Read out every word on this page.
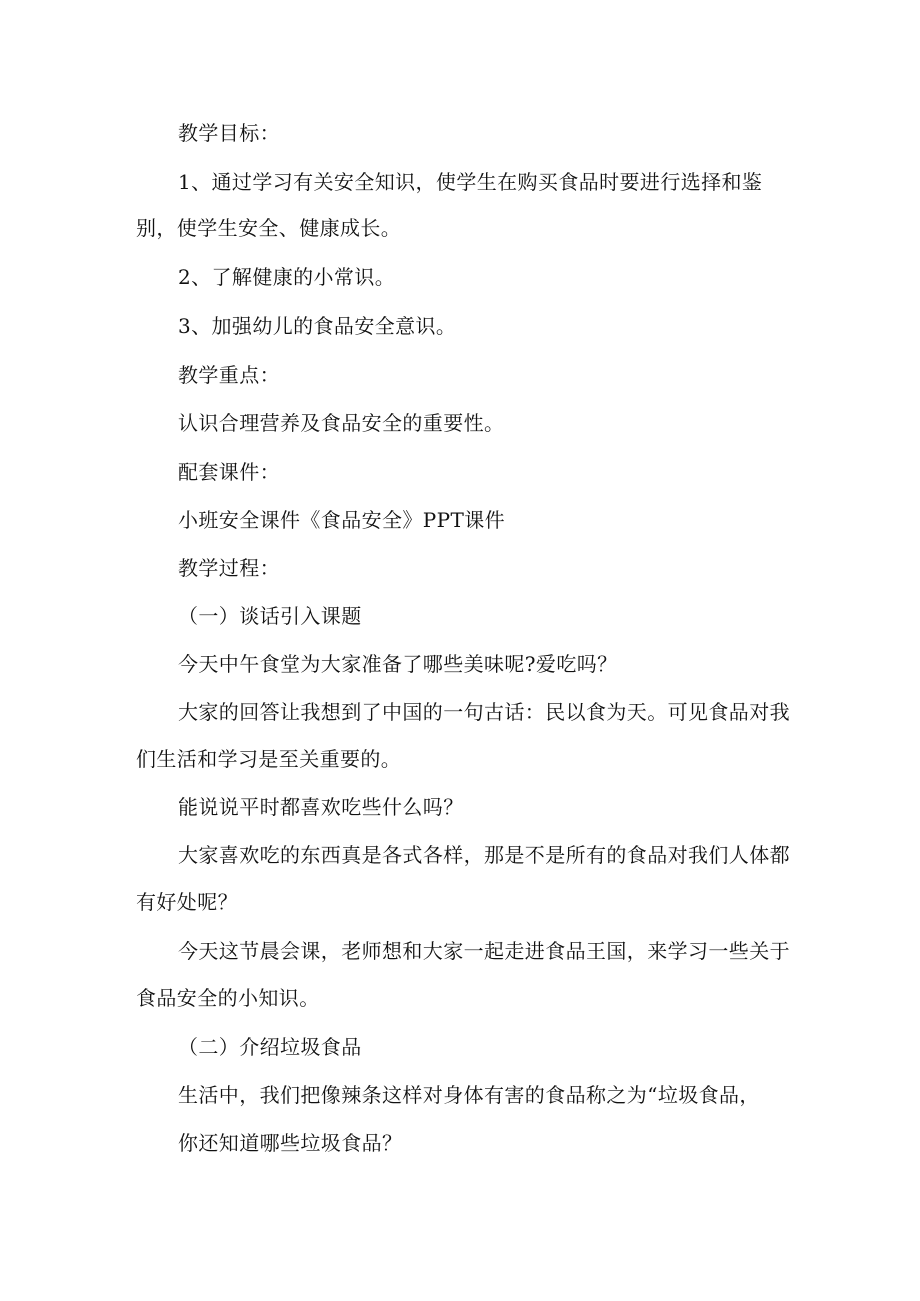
教学目标：
1、通过学习有关安全知识，使学生在购买食品时要进行选择和鉴
别，使学生安全、健康成长。
2、了解健康的小常识。
3、加强幼儿的食品安全意识。
教学重点：
认识合理营养及食品安全的重要性。
配套课件：
小班安全课件《食品安全》PPT课件
教学过程：
（一）谈话引入课题
今天中午食堂为大家准备了哪些美味呢?爱吃吗？
大家的回答让我想到了中国的一句古话：民以食为天。可见食品对我
们生活和学习是至关重要的。
能说说平时都喜欢吃些什么吗？
大家喜欢吃的东西真是各式各样，那是不是所有的食品对我们人体都
有好处呢？
今天这节晨会课，老师想和大家一起走进食品王国，来学习一些关于
食品安全的小知识。
（二）介绍垃圾食品
生活中，我们把像辣条这样对身体有害的食品称之为“垃圾食品，
你还知道哪些垃圾食品？
